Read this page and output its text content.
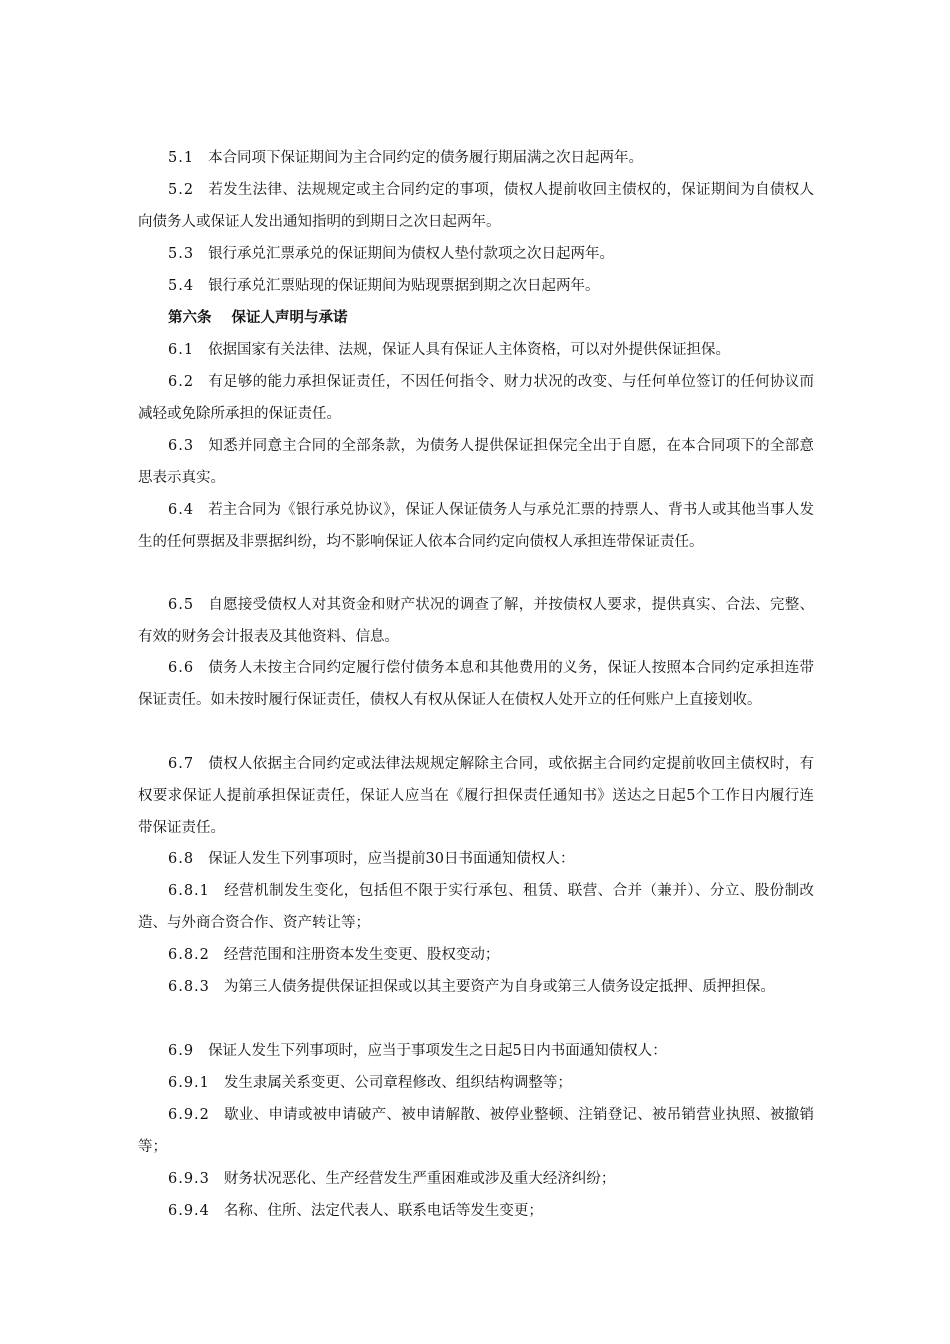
5.1 本合同项下保证期间为主合同约定的债务履行期届满之次日起两年。

5.2 若发生法律、法规规定或主合同约定的事项，债权人提前收回主债权的，保证期间为自债权人向债务人或保证人发出通知指明的到期日之次日起两年。

5.3 银行承兑汇票承兑的保证期间为债权人垫付款项之次日起两年。

5.4 银行承兑汇票贴现的保证期间为贴现票据到期之次日起两年。

第六条 保证人声明与承诺

6.1 依据国家有关法律、法规，保证人具有保证人主体资格，可以对外提供保证担保。

6.2 有足够的能力承担保证责任，不因任何指令、财力状况的改变、与任何单位签订的任何协议而减轻或免除所承担的保证责任。

6.3 知悉并同意主合同的全部条款，为债务人提供保证担保完全出于自愿，在本合同项下的全部意思表示真实。

6.4 若主合同为《银行承兑协议》，保证人保证债务人与承兑汇票的持票人、背书人或其他当事人发生的任何票据及非票据纠纷，均不影响保证人依本合同约定向债权人承担连带保证责任。

6.5 自愿接受债权人对其资金和财产状况的调查了解，并按债权人要求，提供真实、合法、完整、有效的财务会计报表及其他资料、信息。

6.6 债务人未按主合同约定履行偿付债务本息和其他费用的义务，保证人按照本合同约定承担连带保证责任。如未按时履行保证责任，债权人有权从保证人在债权人处开立的任何账户上直接划收。

6.7 债权人依据主合同约定或法律法规规定解除主合同，或依据主合同约定提前收回主债权时，有权要求保证人提前承担保证责任，保证人应当在《履行担保责任通知书》送达之日起5个工作日内履行连带保证责任。

6.8 保证人发生下列事项时，应当提前30日书面通知债权人：

6.8.1 经营机制发生变化，包括但不限于实行承包、租赁、联营、合并（兼并）、分立、股份制改造、与外商合资合作、资产转让等；

6.8.2 经营范围和注册资本发生变更、股权变动；

6.8.3 为第三人债务提供保证担保或以其主要资产为自身或第三人债务设定抵押、质押担保。

6.9 保证人发生下列事项时，应当于事项发生之日起5日内书面通知债权人：

6.9.1 发生隶属关系变更、公司章程修改、组织结构调整等；

6.9.2 歇业、申请或被申请破产、被申请解散、被停业整顿、注销登记、被吊销营业执照、被撤销等；

6.9.3 财务状况恶化、生产经营发生严重困难或涉及重大经济纠纷；

6.9.4 名称、住所、法定代表人、联系电话等发生变更；
